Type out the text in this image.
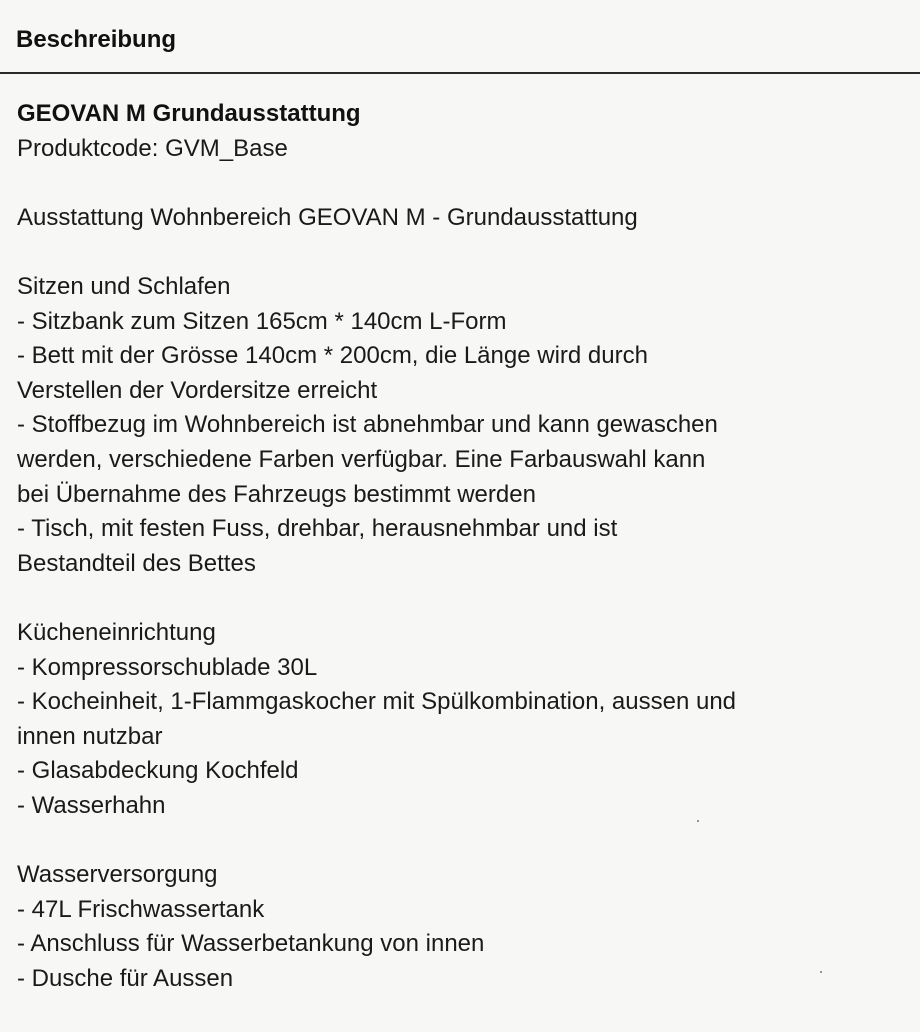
Beschreibung

GEOVAN M Grundausstattung

Produktcode: GVM_Base

Ausstattung Wohnbereich GEOVAN M - Grundausstattung

Sitzen und Schlafen

- Sitzbank zum Sitzen 165cm * 140cm L-Form

- Bett mit der Grösse 140cm * 200cm, die Länge wird durch

Verstellen der Vordersitze erreicht

- Stoffbezug im Wohnbereich ist abnehmbar und kann gewaschen

werden, verschiedene Farben verfügbar. Eine Farbauswahl kann

bei Übernahme des Fahrzeugs bestimmt werden

- Tisch, mit festen Fuss, drehbar, herausnehmbar und ist

Bestandteil des Bettes

Kücheneinrichtung

- Kompressorschublade 30L

- Kocheinheit, 1-Flammgaskocher mit Spülkombination, aussen und

innen nutzbar

- Glasabdeckung Kochfeld

- Wasserhahn

Wasserversorgung

- 47L Frischwassertank

- Anschluss für Wasserbetankung von innen

- Dusche für Aussen
